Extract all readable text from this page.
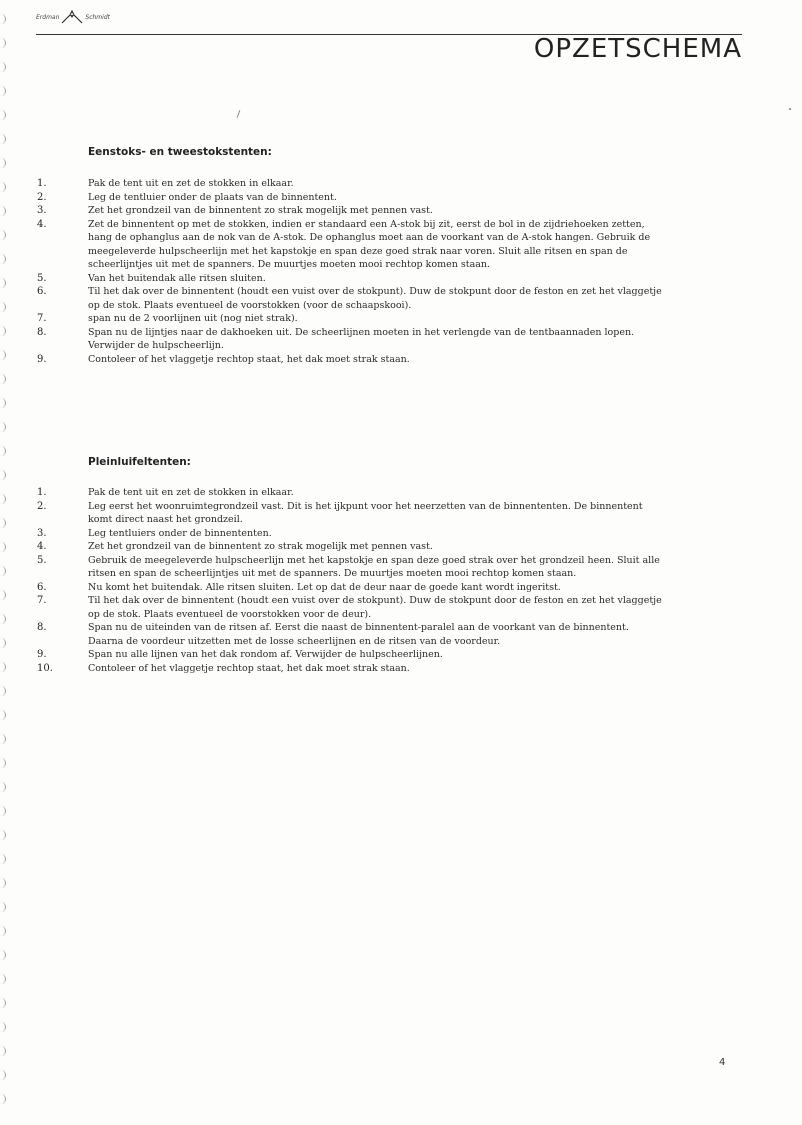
Erdman	Schmidt
OPZETSCHEMA
Eenstoks- en tweestokstenten:
1.	Pak de tent uit en zet de stokken in elkaar.
2.	Leg de tentluier onder de plaats van de binnentent.
3.	Zet het grondzeil van de binnentent zo strak mogelijk met pennen vast.
4.	Zet de binnentent op met de stokken, indien er standaard een A-stok bij zit, eerst de bol in de zijdriehoeken zetten, hang de ophanglus aan de nok van de A-stok. De ophanglus moet aan de voorkant van de A-stok hangen. Gebruik de meegeleverde hulpscheerlijn met het kapstokje en span deze goed strak naar voren. Sluit alle ritsen en span de scheerlijntjes uit met de spanners. De muurtjes moeten mooi rechtop komen staan.
5.	Van het buitendak alle ritsen sluiten.
6.	Til het dak over de binnentent (houdt een vuist over de stokpunt). Duw de stokpunt door de feston en zet het vlaggetje op de stok. Plaats eventueel de voorstokken (voor de schaapskooi).
7.	span nu de 2 voorlijnen uit (nog niet strak).
8.	Span nu de lijntjes naar de dakhoeken uit. De scheerlijnen moeten in het verlengde van de tentbaannaden lopen. Verwijder de hulpscheerlijn.
9.	Contoleer of het vlaggetje rechtop staat, het dak moet strak staan.
Pleinluifeltenten:
1.	Pak de tent uit en zet de stokken in elkaar.
2.	Leg eerst het woonruimtegrondzeil vast. Dit is het ijkpunt voor het neerzetten van de binnententen. De binnentent komt direct naast het grondzeil.
3.	Leg tentluiers onder de binnententen.
4.	Zet het grondzeil van de binnentent zo strak mogelijk met pennen vast.
5.	Gebruik de meegeleverde hulpscheerlijn met het kapstokje en span deze goed strak over het grondzeil heen. Sluit alle ritsen en span de scheerlijntjes uit met de spanners. De muurtjes moeten mooi rechtop komen staan.
6.	Nu komt het buitendak. Alle ritsen sluiten. Let op dat de deur naar de goede kant wordt ingeritst.
7.	Til het dak over de binnentent (houdt een vuist over de stokpunt). Duw de stokpunt door de feston en zet het vlaggetje op de stok. Plaats eventueel de voorstokken voor de deur).
8.	Span nu de uiteinden van de ritsen af. Eerst die naast de binnentent-paralel aan de voorkant van de binnentent. Daarna de voordeur uitzetten met de losse scheerlijnen en de ritsen van de voordeur.
9.	Span nu alle lijnen van het dak rondom af. Verwijder de hulpscheerlijnen.
10.	Contoleer of het vlaggetje rechtop staat, het dak moet strak staan.
4
